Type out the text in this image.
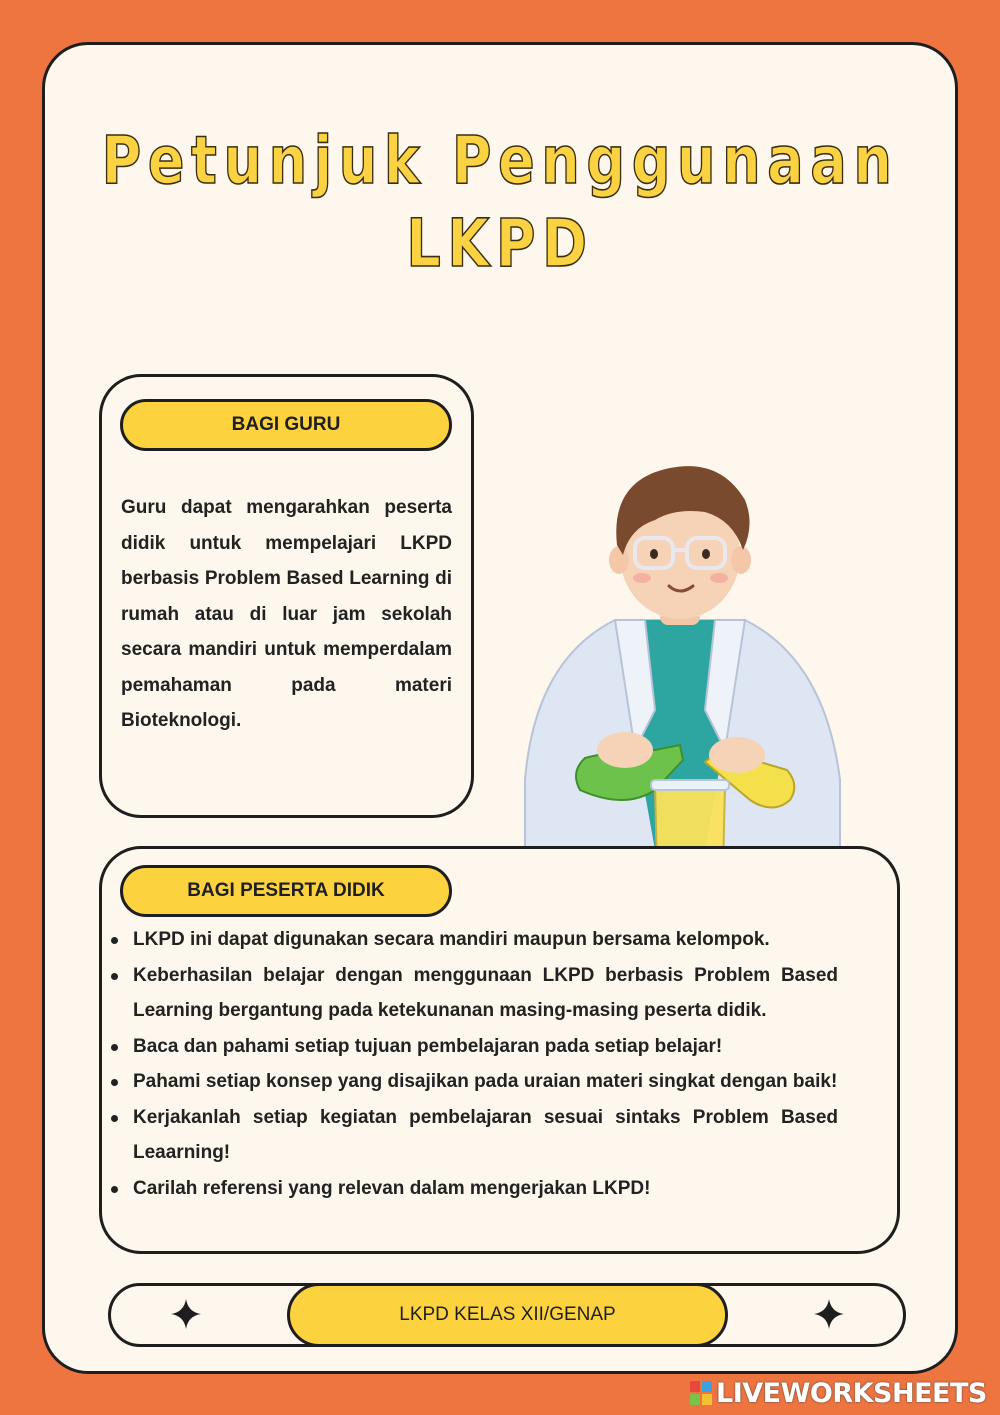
Petunjuk Penggunaan
LKPD
BAGI GURU

Guru dapat mengarahkan peserta didik untuk mempelajari LKPD berbasis Problem Based Learning di rumah atau di luar jam sekolah secara mandiri untuk memperdalam pemahaman pada materi Bioteknologi.

BAGI PESERTA DIDIK
LKPD ini dapat digunakan secara mandiri maupun bersama kelompok.
Keberhasilan belajar dengan menggunaan LKPD berbasis Problem Based Learning bergantung pada ketekunanan masing-masing peserta didik.
Baca dan pahami setiap tujuan pembelajaran pada setiap belajar!
Pahami setiap konsep yang disajikan pada uraian materi singkat dengan baik!
Kerjakanlah setiap kegiatan pembelajaran sesuai sintaks Problem Based Leaarning!
Carilah referensi yang relevan dalam mengerjakan LKPD!
LKPD KELAS XII/GENAP
LIVEWORKSHEETS
